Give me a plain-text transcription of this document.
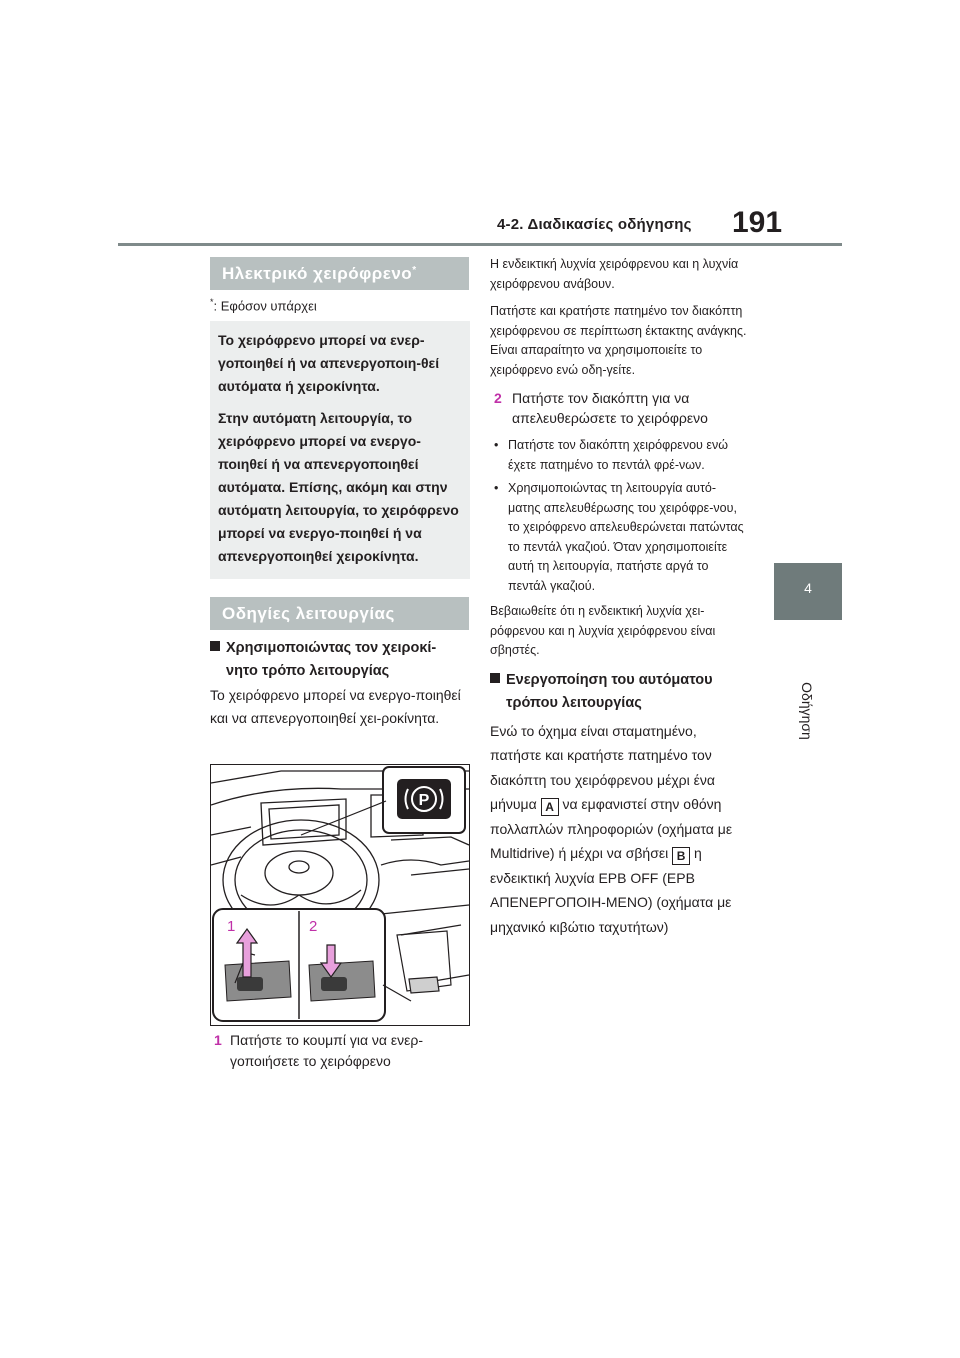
4-2. Διαδικασίες οδήγησης 191
4
Οδήγηση
Ηλεκτρικό χειρόφρενο*
*: Εφόσον υπάρχει

Το χειρόφρενο μπορεί να ενερ-γοποιηθεί ή να απενεργοποιη-θεί αυτόματα ή χειροκίνητα.

Στην αυτόματη λειτουργία, το χειρόφρενο μπορεί να ενεργο-ποιηθεί ή να απενεργοποιηθεί αυτόματα. Επίσης, ακόμη και στην αυτόματη λειτουργία, το χειρόφρενο μπορεί να ενεργο-ποιηθεί ή να απενεργοποιηθεί χειροκίνητα.

Οδηγίες λειτουργίας
Χρησιμοποιώντας τον χειροκί-
νητο τρόπο λειτουργίας
Το χειρόφρενο μπορεί να ενεργο-ποιηθεί και να απενεργοποιηθεί χει-ροκίνητα.
P
1	2
1 Πατήστε το κουμπί για να ενερ-γοποιήσετε το χειρόφρενο

Η ενδεικτική λυχνία χειρόφρενου και η λυχνία χειρόφρενου ανάβουν.

Πατήστε και κρατήστε πατημένο τον διακόπτη χειρόφρενου σε περίπτωση έκτακτης ανάγκης. Είναι απαραίτητο να χρησιμοποιείτε το χειρόφρενο ενώ οδη-γείτε.

2 Πατήστε τον διακόπτη για να απελευθερώσετε το χειρόφρενο
• Πατήστε τον διακόπτη χειρόφρενου ενώ έχετε πατημένο το πεντάλ φρέ-νων.
• Χρησιμοποιώντας τη λειτουργία αυτό-ματης απελευθέρωσης του χειρόφρε-νου, το χειρόφρενο απελευθερώνεται πατώντας το πεντάλ γκαζιού. Όταν χρησιμοποιείτε αυτή τη λειτουργία, πατήστε αργά το πεντάλ γκαζιού.

Βεβαιωθείτε ότι η ενδεικτική λυχνία χει-ρόφρενου και η λυχνία χειρόφρενου είναι σβηστές.

Ενεργοποίηση του αυτόματου
τρόπου λειτουργίας
Ενώ το όχημα είναι σταματημένο, πατήστε και κρατήστε πατημένο τον διακόπτη του χειρόφρενου μέχρι ένα μήνυμα A να εμφανιστεί στην οθόνη πολλαπλών πληροφοριών (οχήματα με Multidrive) ή μέχρι να σβήσει B η ενδεικτική λυχνία EPB OFF (EPB ΑΠΕΝΕΡΓΟΠΟΙΗ-ΜΕΝΟ) (οχήματα με μηχανικό κιβώτιο ταχυτήτων)
